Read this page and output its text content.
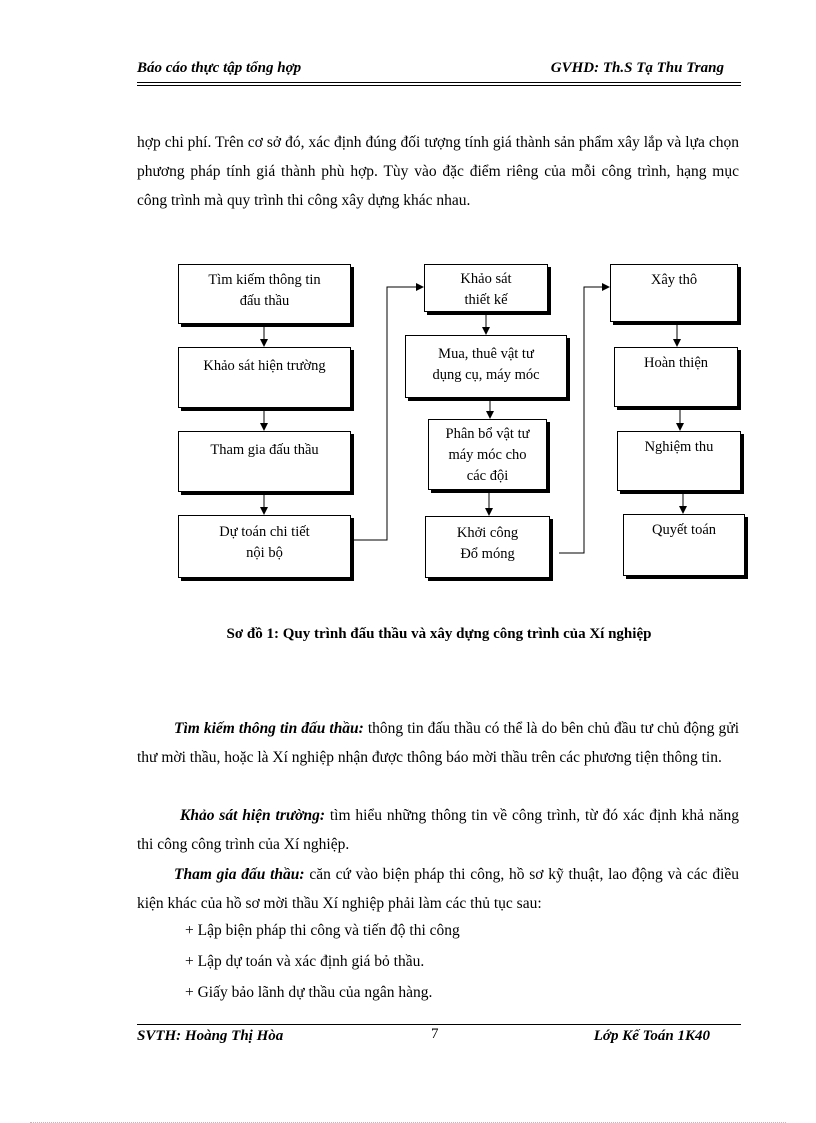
Báo cáo thực tập tổng hợp	GVHD: Th.S Tạ Thu Trang
hợp chi phí. Trên cơ sở đó, xác định đúng đối tượng tính giá thành sản phẩm xây lắp và lựa chọn phương pháp tính giá thành phù hợp. Tùy vào đặc điểm riêng của mỗi công trình, hạng mục công trình mà quy trình thi công xây dựng khác nhau.
Tìm kiếm thông tin
đấu thầu
Khảo sát hiện trường
Tham gia đấu thầu
Dự toán chi tiết
nội bộ
Khảo sát
thiết kế
Mua, thuê vật tư
dụng cụ, máy móc
Phân bổ vật tư
máy móc cho
các đội
Khởi công
Đổ móng
Xây thô
Hoàn thiện
Nghiệm thu
Quyết toán
Sơ đồ 1: Quy trình đấu thầu và xây dựng công trình của Xí nghiệp
Tìm kiếm thông tin đấu thầu: thông tin đấu thầu có thể là do bên chủ đầu tư chủ động gửi thư mời thầu, hoặc là Xí nghiệp nhận được thông báo mời thầu trên các phương tiện thông tin.
Khảo sát hiện trường: tìm hiểu những thông tin về công trình, từ đó xác định khả năng thi công công trình của Xí nghiệp.
Tham gia đấu thầu: căn cứ vào biện pháp thi công, hồ sơ kỹ thuật, lao động và các điều kiện khác của hồ sơ mời thầu Xí nghiệp phải làm các thủ tục sau:
+ Lập biện pháp thi công và tiến độ thi công
+ Lập dự toán và xác định giá bỏ thầu.
+ Giấy bảo lãnh dự thầu của ngân hàng.
SVTH: Hoàng Thị Hòa	7	Lớp Kế Toán 1K40
